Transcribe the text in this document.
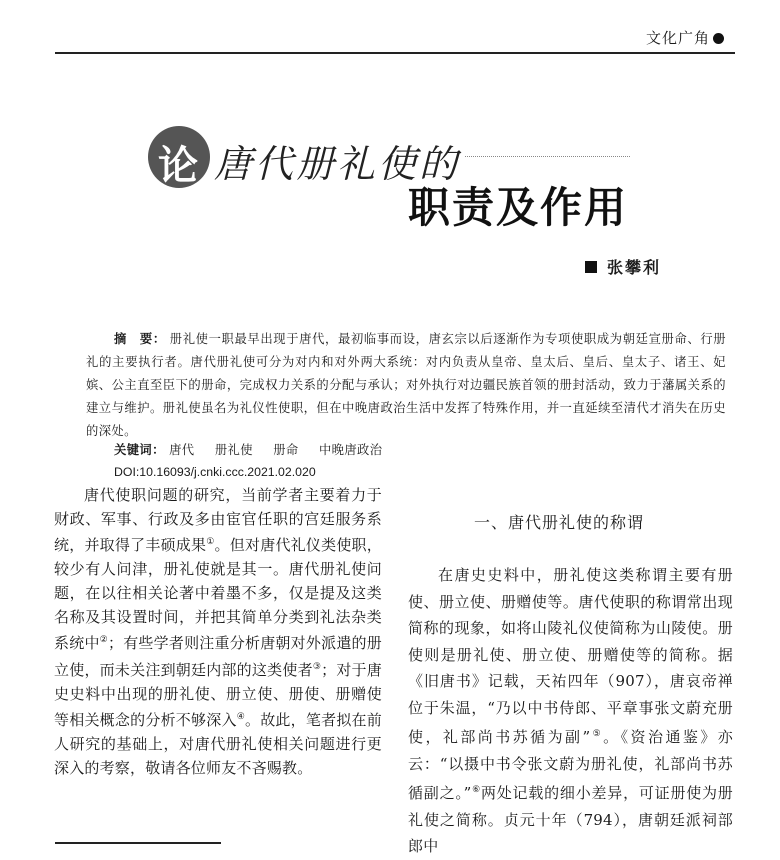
文化广角
论 唐代册礼使的
职责及作用
张攀利
摘　要： 册礼使一职最早出现于唐代，最初临事而设，唐玄宗以后逐渐作为专项使职成为朝廷宣册命、行册礼的主要执行者。唐代册礼使可分为对内和对外两大系统：对内负责从皇帝、皇太后、皇后、皇太子、诸王、妃嫔、公主直至臣下的册命，完成权力关系的分配与承认；对外执行对边疆民族首领的册封活动，致力于藩属关系的建立与维护。册礼使虽名为礼仪性使职，但在中晚唐政治生活中发挥了特殊作用，并一直延续至清代才消失在历史的深处。
关键词： 唐代 册礼使 册命 中晚唐政治
DOI:10.16093/j.cnki.ccc.2021.02.020
唐代使职问题的研究，当前学者主要着力于财政、军事、行政及多由宦官任职的宫廷服务系统，并取得了丰硕成果①。但对唐代礼仪类使职，较少有人问津，册礼使就是其一。唐代册礼使问题，在以往相关论著中着墨不多，仅是提及这类名称及其设置时间，并把其简单分类到礼法杂类系统中②；有些学者则注重分析唐朝对外派遣的册立使，而未关注到朝廷内部的这类使者③；对于唐史史料中出现的册礼使、册立使、册使、册赠使等相关概念的分析不够深入④。故此，笔者拟在前人研究的基础上，对唐代册礼使相关问题进行更深入的考察，敬请各位师友不吝赐教。
一、唐代册礼使的称谓
在唐史史料中，册礼使这类称谓主要有册使、册立使、册赠使等。唐代使职的称谓常出现简称的现象，如将山陵礼仪使简称为山陵使。册使则是册礼使、册立使、册赠使等的简称。据《旧唐书》记载，天祐四年（907），唐哀帝禅位于朱温，“乃以中书侍郎、平章事张文蔚充册使，礼部尚书苏循为副”⑤。《资治通鉴》亦云：“以摄中书令张文蔚为册礼使，礼部尚书苏循副之。”⑥两处记载的细小差异，可证册使为册礼使之简称。贞元十年（794），唐朝廷派祠部郎中
